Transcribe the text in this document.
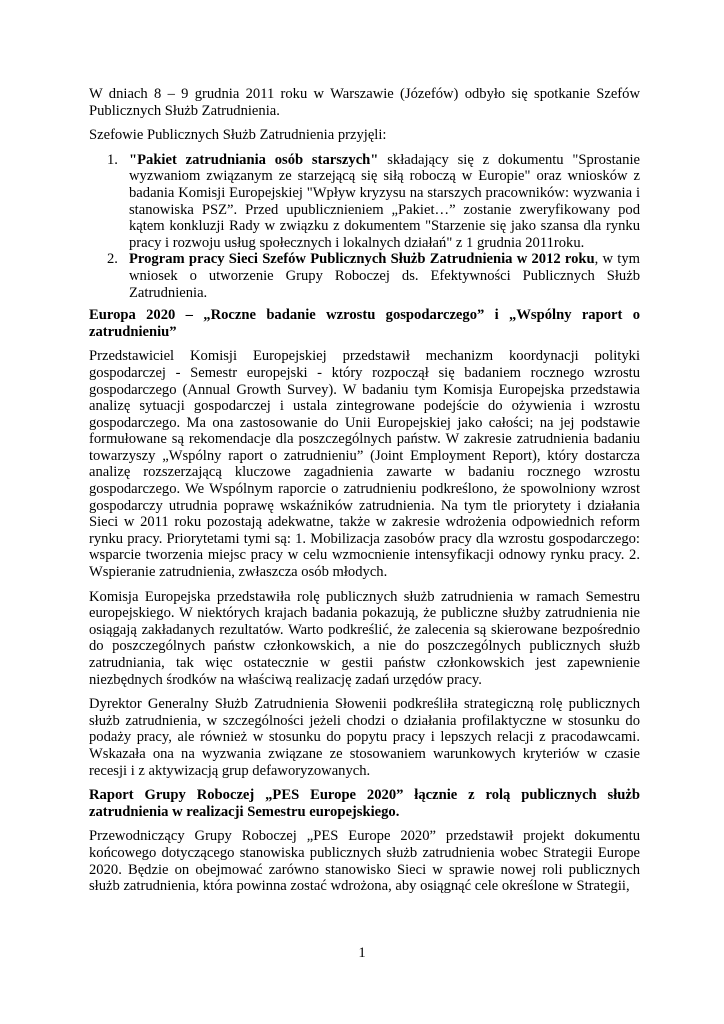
W dniach 8 – 9 grudnia 2011 roku w Warszawie (Józefów) odbyło się spotkanie Szefów Publicznych Służb Zatrudnienia.

Szefowie Publicznych Służb Zatrudnienia przyjęli:

1. "Pakiet zatrudniania osób starszych" składający się z dokumentu "Sprostanie wyzwaniom związanym ze starzejącą się siłą roboczą w Europie" oraz wniosków z badania Komisji Europejskiej "Wpływ kryzysu na starszych pracowników: wyzwania i stanowiska PSZ”. Przed upublicznieniem „Pakiet…” zostanie zweryfikowany pod kątem konkluzji Rady w związku z dokumentem "Starzenie się jako szansa dla rynku pracy i rozwoju usług społecznych i lokalnych działań" z 1 grudnia 2011roku.
2. Program pracy Sieci Szefów Publicznych Służb Zatrudnienia w 2012 roku, w tym wniosek o utworzenie Grupy Roboczej ds. Efektywności Publicznych Służb Zatrudnienia.
Europa 2020 – „Roczne badanie wzrostu gospodarczego” i „Wspólny raport o zatrudnieniu”

Przedstawiciel Komisji Europejskiej przedstawił mechanizm koordynacji polityki gospodarczej - Semestr europejski - który rozpoczął się badaniem rocznego wzrostu gospodarczego (Annual Growth Survey). W badaniu tym Komisja Europejska przedstawia analizę sytuacji gospodarczej i ustala zintegrowane podejście do ożywienia i wzrostu gospodarczego. Ma ona zastosowanie do Unii Europejskiej jako całości; na jej podstawie formułowane są rekomendacje dla poszczególnych państw. W zakresie zatrudnienia badaniu towarzyszy „Wspólny raport o zatrudnieniu” (Joint Employment Report), który dostarcza analizę rozszerzającą kluczowe zagadnienia zawarte w badaniu rocznego wzrostu gospodarczego. We Wspólnym raporcie o zatrudnieniu podkreślono, że spowolniony wzrost gospodarczy utrudnia poprawę wskaźników zatrudnienia. Na tym tle priorytety i działania Sieci w 2011 roku pozostają adekwatne, także w zakresie wdrożenia odpowiednich reform rynku pracy. Priorytetami tymi są: 1. Mobilizacja zasobów pracy dla wzrostu gospodarczego: wsparcie tworzenia miejsc pracy w celu wzmocnienie intensyfikacji odnowy rynku pracy. 2. Wspieranie zatrudnienia, zwłaszcza osób młodych.

Komisja Europejska przedstawiła rolę publicznych służb zatrudnienia w ramach Semestru europejskiego. W niektórych krajach badania pokazują, że publiczne służby zatrudnienia nie osiągają zakładanych rezultatów. Warto podkreślić, że zalecenia są skierowane bezpośrednio do poszczególnych państw członkowskich, a nie do poszczególnych publicznych służb zatrudniania, tak więc ostatecznie w gestii państw członkowskich jest zapewnienie niezbędnych środków na właściwą realizację zadań urzędów pracy.

Dyrektor Generalny Służb Zatrudnienia Słowenii podkreśliła strategiczną rolę publicznych służb zatrudnienia, w szczególności jeżeli chodzi o działania profilaktyczne w stosunku do podaży pracy, ale również w stosunku do popytu pracy i lepszych relacji z pracodawcami. Wskazała ona na wyzwania związane ze stosowaniem warunkowych kryteriów w czasie recesji i z aktywizacją grup defaworyzowanych.

Raport Grupy Roboczej „PES Europe 2020” łącznie z rolą publicznych służb zatrudnienia w realizacji Semestru europejskiego.

Przewodniczący Grupy Roboczej „PES Europe 2020” przedstawił projekt dokumentu końcowego dotyczącego stanowiska publicznych służb zatrudnienia wobec Strategii Europe 2020. Będzie on obejmować zarówno stanowisko Sieci w sprawie nowej roli publicznych służb zatrudnienia, która powinna zostać wdrożona, aby osiągnąć cele określone w Strategii,

1
